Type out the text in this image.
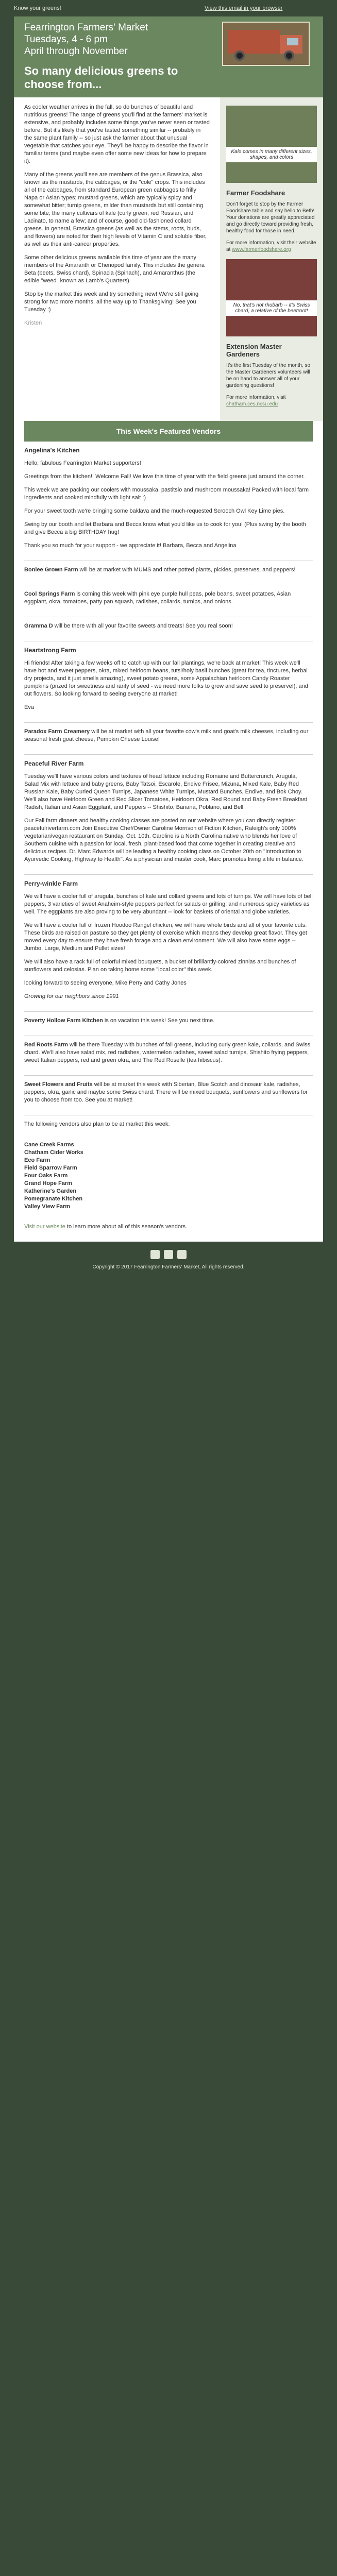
Know your greens!	View this email in your browser
Fearrington Farmers' Market
Tuesdays, 4 - 6 pm
April through November
So many delicious greens to choose from...

As cooler weather arrives in the fall, so do bunches of beautiful and nutritious greens! The range of greens you'll find at the farmers' market is extensive, and probably includes some things you've never seen or tasted before. But it's likely that you've tasted something similar -- probably in the same plant family -- so just ask the farmer about that unusual vegetable that catches your eye. They'll be happy to describe the flavor in familiar terms (and maybe even offer some new ideas for how to prepare it).

Many of the greens you'll see are members of the genus Brassica, also known as the mustards, the cabbages, or the "cole" crops. This includes all of the cabbages, from standard European green cabbages to frilly Napa or Asian types; mustard greens, which are typically spicy and somewhat bitter; turnip greens, milder than mustards but still containing some bite; the many cultivars of kale (curly green, red Russian, and Lacinato, to name a few; and of course, good old-fashioned collard greens. In general, Brassica greens (as well as the stems, roots, buds, and flowers) are noted for their high levels of Vitamin C and soluble fiber, as well as their anti-cancer properties.

Some other delicious greens available this time of year are the many members of the Amaranth or Chenopod family. This includes the genera Beta (beets, Swiss chard), Spinacia (Spinach), and Amaranthus (the edible "weed" known as Lamb's Quarters).

Stop by the market this week and try something new! We're still going strong for two more months, all the way up to Thanksgiving! See you Tuesday :)

Kristen

Kale comes in many different sizes, shapes, and colors
Farmer Foodshare

Don't forget to stop by the Farmer Foodshare table and say hello to Beth! Your donations are greatly appreciated and go directly toward providing fresh, healthy food for those in need.

For more information, visit their website at www.farmerfoodshare.org

No, that's not rhubarb -- it's Swiss chard, a relative of the beetroot!
Extension Master Gardeners

It's the first Tuesday of the month, so the Master Gardeners volunteers will be on hand to answer all of your gardening questions!

For more information, visit chatham.ces.ncsu.edu

This Week's Featured Vendors
Angelina's Kitchen

Hello, fabulous Fearrington Market supporters!

Greetings from the kitchen!! Welcome Fall! We love this time of year with the field greens just around the corner.

This week we are packing our coolers with moussaka, pastitsio and mushroom moussaka! Packed with local farm ingredients and cooked mindfully with light salt :)

For your sweet tooth we're bringing some baklava and the much-requested Scrooch Owl Key Lime pies.

Swing by our booth and let Barbara and Becca know what you'd like us to cook for you! (Plus swing by the booth and give Becca a big BIRTHDAY hug!

Thank you so much for your support - we appreciate it! Barbara, Becca and Angelina

Bonlee Grown Farm will be at market with MUMS and other potted plants, pickles, preserves, and peppers!

Cool Springs Farm is coming this week with pink eye purple hull peas, pole beans, sweet potatoes, Asian eggplant, okra, tomatoes, patty pan squash, radishes, collards, turnips, and onions.

Gramma D will be there with all your favorite sweets and treats! See you real soon!

Heartstrong Farm

Hi friends! After taking a few weeks off to catch up with our fall plantings, we're back at market! This week we'll have hot and sweet peppers, okra, mixed heirloom beans, tutsi/holy basil bunches (great for tea, tinctures, herbal dry projects, and it just smells amazing), sweet potato greens, some Appalachian heirloom Candy Roaster pumpkins (prized for sweetness and rarity of seed - we need more folks to grow and save seed to preserve!), and cut flowers. So looking forward to seeing everyone at market!

Eva

Paradox Farm Creamery will be at market with all your favorite cow's milk and goat's milk cheeses, including our seasonal fresh goat cheese, Pumpkin Cheese Louise!

Peaceful River Farm

Tuesday we'll have various colors and textures of head lettuce including Romaine and Buttercrunch, Arugula, Salad Mix with lettuce and baby greens, Baby Tatsoi, Escarole, Endive Frisee, Mizuna, Mixed Kale, Baby Red Russian Kale, Baby Curled Queen Turnips, Japanese White Turnips, Mustard Bunches, Endive, and Bok Choy. We'll also have Heirloom Green and Red Slicer Tomatoes, Heirloom Okra, Red Round and Baby Fresh Breakfast Radish, Italian and Asian Eggplant, and Peppers -- Shishito, Banana, Poblano, and Bell.

Our Fall farm dinners and healthy cooking classes are posted on our website where you can directly register: peacefulriverfarm.com Join Executive Chef/Owner Caroline Morrison of Fiction Kitchen, Raleigh's only 100% vegetarian/vegan restaurant on Sunday, Oct. 10th. Caroline is a North Carolina native who blends her love of Southern cuisine with a passion for local, fresh, plant-based food that come together in creating creative and delicious recipes. Dr. Marc Edwards will be leading a healthy cooking class on October 20th on "Introduction to Ayurvedic Cooking, Highway to Health". As a physician and master cook, Marc promotes living a life in balance.

Perry-winkle Farm

We will have a cooler full of arugula, bunches of kale and collard greens and lots of turnips. We will have lots of bell peppers, 3 varieties of sweet Anaheim-style peppers perfect for salads or grilling, and numerous spicy varieties as well. The eggplants are also proving to be very abundant -- look for baskets of oriental and globe varieties.

We will have a cooler full of frozen Hoodoo Rangel chicken, we will have whole birds and all of your favorite cuts. These birds are raised on pasture so they get plenty of exercise which means they develop great flavor. They get moved every day to ensure they have fresh forage and a clean environment. We will also have some eggs -- Jumbo, Large, Medium and Pullet sizes!

We will also have a rack full of colorful mixed bouquets, a bucket of brilliantly-colored zinnias and bunches of sunflowers and celosias. Plan on taking home some "local color" this week.

looking forward to seeing everyone, Mike Perry and Cathy Jones

Growing for our neighbors since 1991

Poverty Hollow Farm Kitchen is on vacation this week! See you next time.

Red Roots Farm will be there Tuesday with bunches of fall greens, including curly green kale, collards, and Swiss chard. We'll also have salad mix, red radishes, watermelon radishes, sweet salad turnips, Shishito frying peppers, sweet Italian peppers, red and green okra, and The Red Roselle (tea hibiscus).

Sweet Flowers and Fruits will be at market this week with Siberian, Blue Scotch and dinosaur kale, radishes, peppers, okra, garlic and maybe some Swiss chard. There will be mixed bouquets, sunflowers and sunflowers for you to choose from too. See you at market!

The following vendors also plan to be at market this week:

Cane Creek Farms
Chatham Cider Works
Eco Farm
Field Sparrow Farm
Four Oaks Farm
Grand Hope Farm
Katherine's Garden
Pomegranate Kitchen
Valley View Farm

Visit our website to learn more about all of this season's vendors.

Copyright © 2017 Fearrington Farmers' Market, All rights reserved.
